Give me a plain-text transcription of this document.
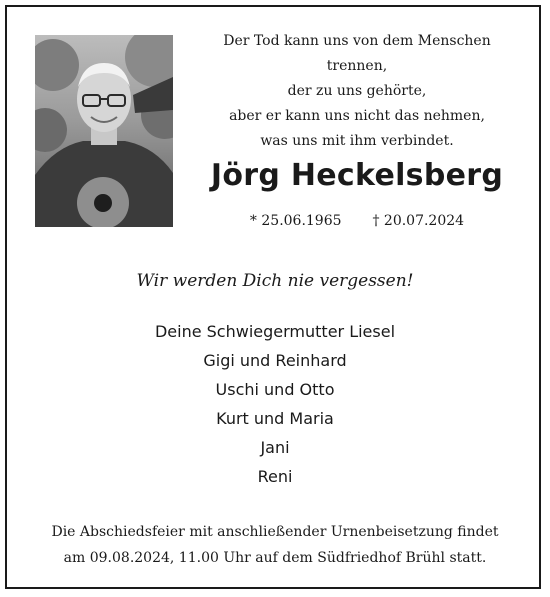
Der Tod kann uns von dem Menschen trennen,
der zu uns gehörte,
aber er kann uns nicht das nehmen,
was uns mit ihm verbindet.
Jörg Heckelsberg
* 25.06.1965 † 20.07.2024
Wir werden Dich nie vergessen!
Deine Schwiegermutter Liesel
Gigi und Reinhard
Uschi und Otto
Kurt und Maria
Jani
Reni
Die Abschiedsfeier mit anschließender Urnenbeisetzung findet
am 09.08.2024, 11.00 Uhr auf dem Südfriedhof Brühl statt.
